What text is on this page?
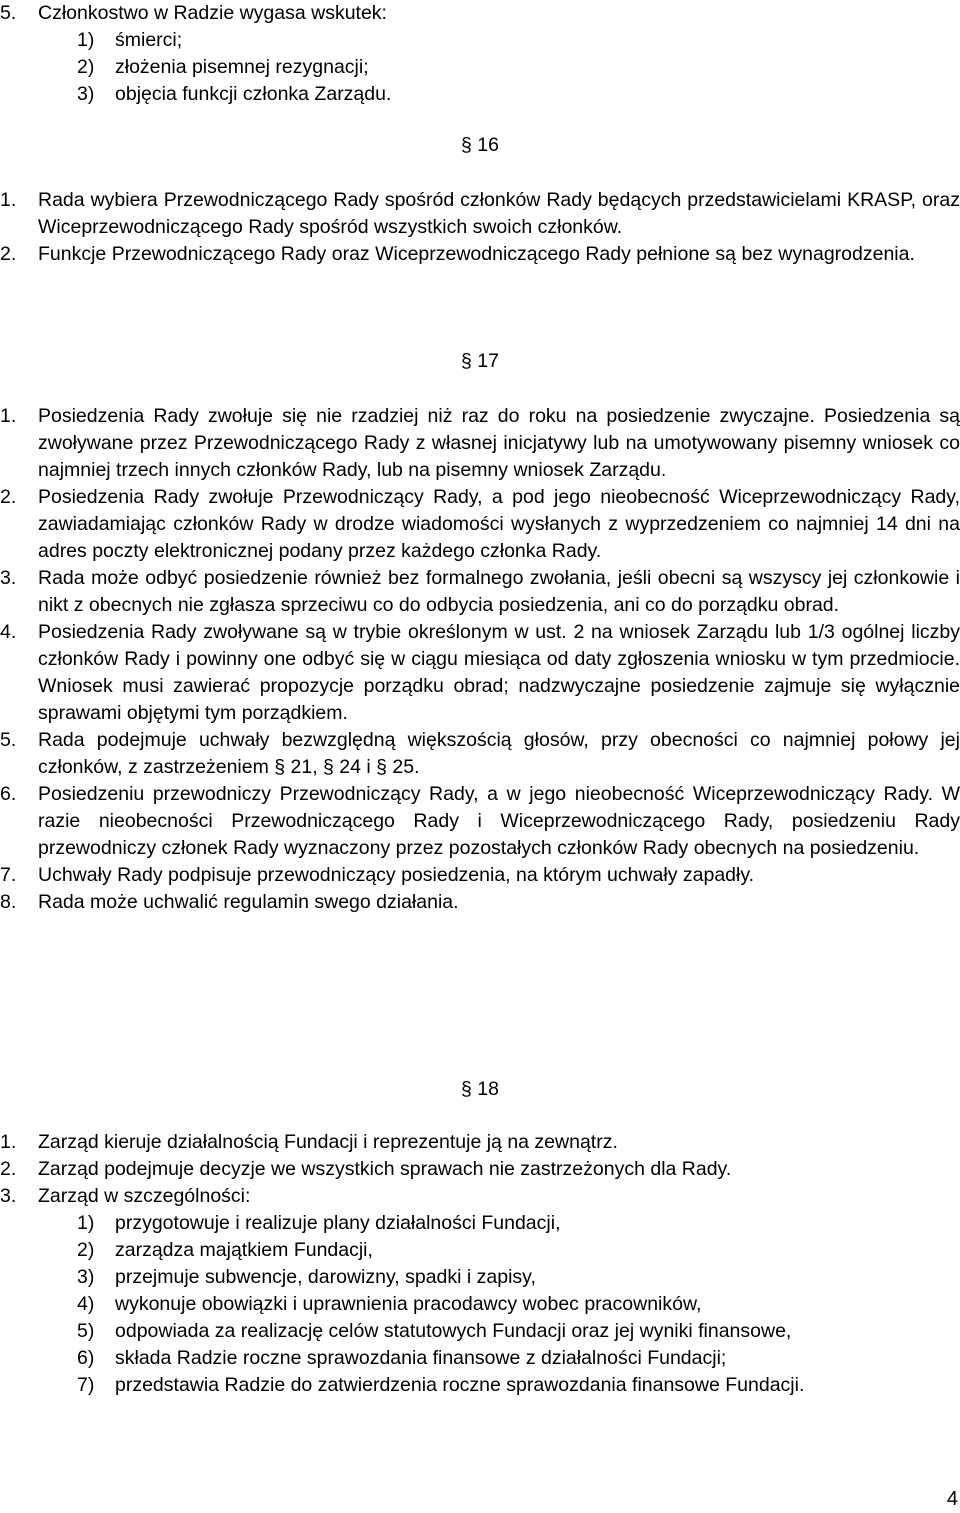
5. Członkostwo w Radzie wygasa wskutek:
1) śmierci;
2) złożenia pisemnej rezygnacji;
3) objęcia funkcji członka Zarządu.
§ 16
1. Rada wybiera Przewodniczącego Rady spośród członków Rady będących przedstawicielami KRASP, oraz Wiceprzewodniczącego Rady spośród wszystkich swoich członków.
2. Funkcje Przewodniczącego Rady oraz Wiceprzewodniczącego Rady pełnione są bez wynagrodzenia.
§ 17
1. Posiedzenia Rady zwołuje się nie rzadziej niż raz do roku na posiedzenie zwyczajne. Posiedzenia są zwoływane przez Przewodniczącego Rady z własnej inicjatywy lub na umotywowany pisemny wniosek co najmniej trzech innych członków Rady, lub na pisemny wniosek Zarządu.
2. Posiedzenia Rady zwołuje Przewodniczący Rady, a pod jego nieobecność Wiceprzewodniczący Rady, zawiadamiając członków Rady w drodze wiadomości wysłanych z wyprzedzeniem co najmniej 14 dni na adres poczty elektronicznej podany przez każdego członka Rady.
3. Rada może odbyć posiedzenie również bez formalnego zwołania, jeśli obecni są wszyscy jej członkowie i nikt z obecnych nie zgłasza sprzeciwu co do odbycia posiedzenia, ani co do porządku obrad.
4. Posiedzenia Rady zwoływane są w trybie określonym w ust. 2 na wniosek Zarządu lub 1/3 ogólnej liczby członków Rady i powinny one odbyć się w ciągu miesiąca od daty zgłoszenia wniosku w tym przedmiocie. Wniosek musi zawierać propozycje porządku obrad; nadzwyczajne posiedzenie zajmuje się wyłącznie sprawami objętymi tym porządkiem.
5. Rada podejmuje uchwały bezwzględną większością głosów, przy obecności co najmniej połowy jej członków, z zastrzeżeniem § 21, § 24 i § 25.
6. Posiedzeniu przewodniczy Przewodniczący Rady, a w jego nieobecność Wiceprzewodniczący Rady. W razie nieobecności Przewodniczącego Rady i Wiceprzewodniczącego Rady, posiedzeniu Rady przewodniczy członek Rady wyznaczony przez pozostałych członków Rady obecnych na posiedzeniu.
7. Uchwały Rady podpisuje przewodniczący posiedzenia, na którym uchwały zapadły.
8. Rada może uchwalić regulamin swego działania.
§ 18
1. Zarząd kieruje działalnością Fundacji i reprezentuje ją na zewnątrz.
2. Zarząd podejmuje decyzje we wszystkich sprawach nie zastrzeżonych dla Rady.
3. Zarząd w szczególności:
1) przygotowuje i realizuje plany działalności Fundacji,
2) zarządza majątkiem Fundacji,
3) przejmuje subwencje, darowizny, spadki i zapisy,
4) wykonuje obowiązki i uprawnienia pracodawcy wobec pracowników,
5) odpowiada za realizację celów statutowych Fundacji oraz jej wyniki finansowe,
6) składa Radzie roczne sprawozdania finansowe z działalności Fundacji;
7) przedstawia Radzie do zatwierdzenia roczne sprawozdania finansowe Fundacji.
4
